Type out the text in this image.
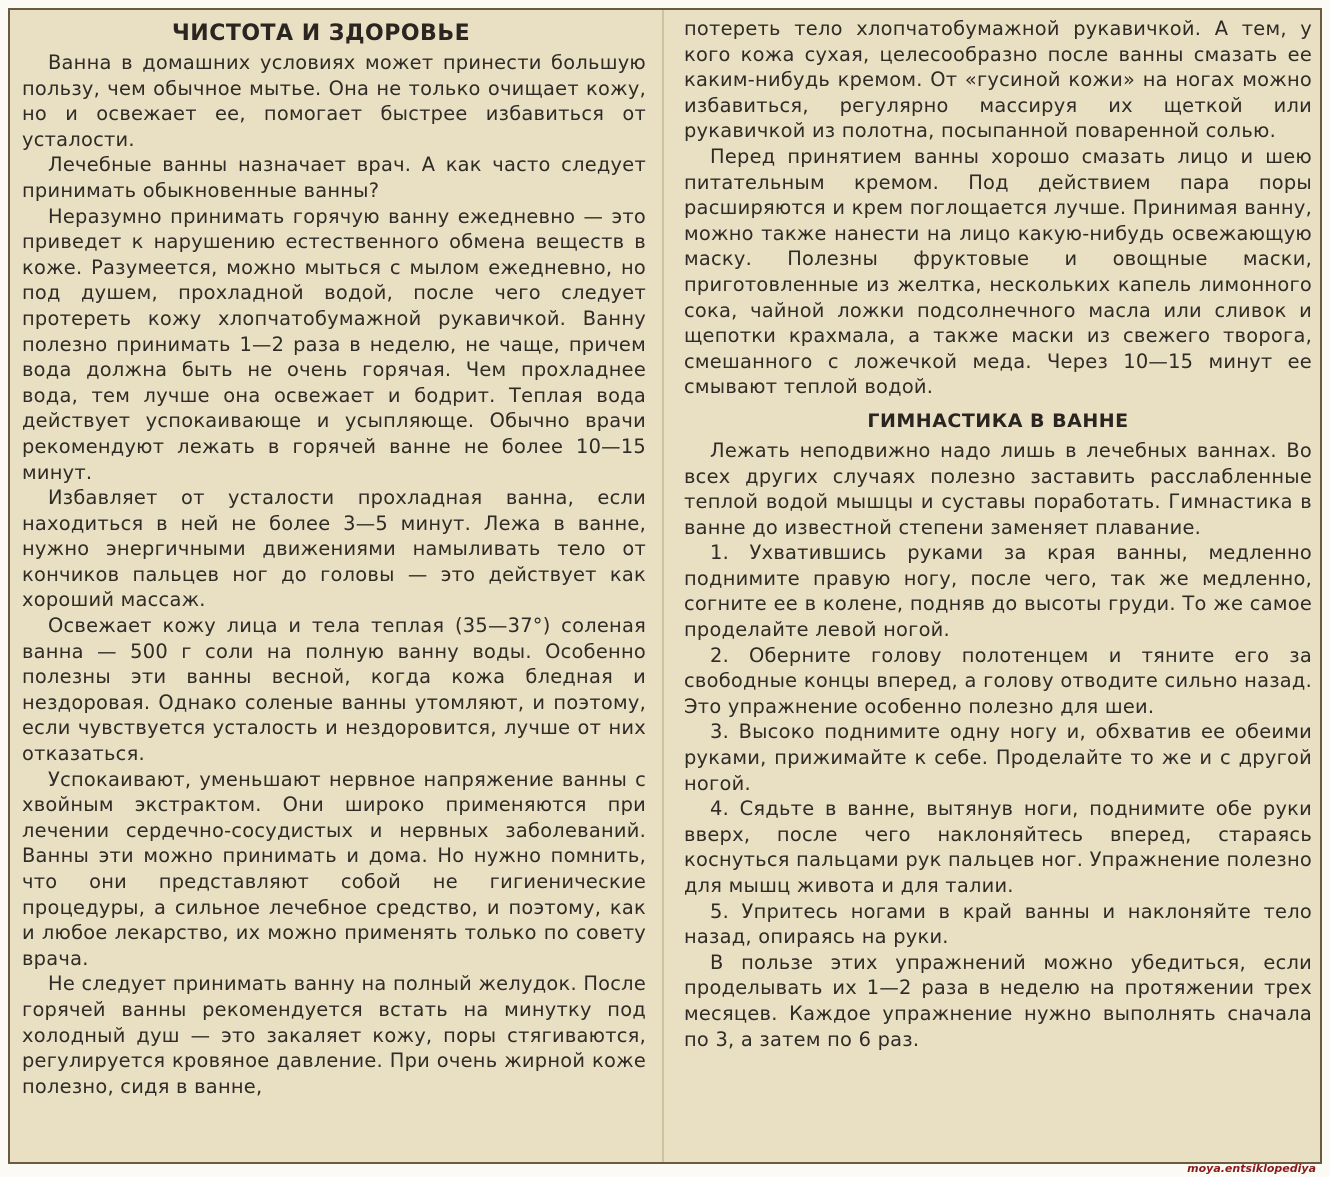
ЧИСТОТА И ЗДОРОВЬЕ

Ванна в домашних условиях может принести большую пользу, чем обычное мытье. Она не только очищает кожу, но и освежает ее, помогает быстрее избавиться от усталости.

Лечебные ванны назначает врач. А как часто следует принимать обыкновенные ванны?

Неразумно принимать горячую ванну ежедневно — это приведет к нарушению естественного обмена веществ в коже. Разумеется, можно мыться с мылом ежедневно, но под душем, прохладной водой, после чего следует протереть кожу хлопчатобумажной рукавичкой. Ванну полезно принимать 1—2 раза в неделю, не чаще, причем вода должна быть не очень горячая. Чем прохладнее вода, тем лучше она освежает и бодрит. Теплая вода действует успокаивающе и усыпляюще. Обычно врачи рекомендуют лежать в горячей ванне не более 10—15 минут.

Избавляет от усталости прохладная ванна, если находиться в ней не более 3—5 минут. Лежа в ванне, нужно энергичными движениями намыливать тело от кончиков пальцев ног до головы — это действует как хороший массаж.

Освежает кожу лица и тела теплая (35—37°) соленая ванна — 500 г соли на полную ванну воды. Особенно полезны эти ванны весной, когда кожа бледная и нездоровая. Однако соленые ванны утомляют, и поэтому, если чувствуется усталость и нездоровится, лучше от них отказаться.

Успокаивают, уменьшают нервное напряжение ванны с хвойным экстрактом. Они широко применяются при лечении сердечно-сосудистых и нервных заболеваний. Ванны эти можно принимать и дома. Но нужно помнить, что они представляют собой не гигиенические процедуры, а сильное лечебное средство, и поэтому, как и любое лекарство, их можно применять только по совету врача.

Не следует принимать ванну на полный желудок. После горячей ванны рекомендуется встать на минутку под холодный душ — это закаляет кожу, поры стягиваются, регулируется кровяное давление. При очень жирной коже полезно, сидя в ванне,

потереть тело хлопчатобумажной рукавичкой. А тем, у кого кожа сухая, целесообразно после ванны смазать ее каким-нибудь кремом. От «гусиной кожи» на ногах можно избавиться, регулярно массируя их щеткой или рукавичкой из полотна, посыпанной поваренной солью.

Перед принятием ванны хорошо смазать лицо и шею питательным кремом. Под действием пара поры расширяются и крем поглощается лучше. Принимая ванну, можно также нанести на лицо какую-нибудь освежающую маску. Полезны фруктовые и овощные маски, приготовленные из желтка, нескольких капель лимонного сока, чайной ложки подсолнечного масла или сливок и щепотки крахмала, а также маски из свежего творога, смешанного с ложечкой меда. Через 10—15 минут ее смывают теплой водой.

ГИМНАСТИКА В ВАННЕ

Лежать неподвижно надо лишь в лечебных ваннах. Во всех других случаях полезно заставить расслабленные теплой водой мышцы и суставы поработать. Гимнастика в ванне до известной степени заменяет плавание.

1. Ухватившись руками за края ванны, медленно поднимите правую ногу, после чего, так же медленно, согните ее в колене, подняв до высоты груди. То же самое проделайте левой ногой.

2. Оберните голову полотенцем и тяните его за свободные концы вперед, а голову отводите сильно назад. Это упражнение особенно полезно для шеи.

3. Высоко поднимите одну ногу и, обхватив ее обеими руками, прижимайте к себе. Проделайте то же и с другой ногой.

4. Сядьте в ванне, вытянув ноги, поднимите обе руки вверх, после чего наклоняйтесь вперед, стараясь коснуться пальцами рук пальцев ног. Упражнение полезно для мышц живота и для талии.

5. Упритесь ногами в край ванны и наклоняйте тело назад, опираясь на руки.

В пользе этих упражнений можно убедиться, если проделывать их 1—2 раза в неделю на протяжении трех месяцев. Каждое упражнение нужно выполнять сначала по 3, а затем по 6 раз.

moya.entsiklopediya
